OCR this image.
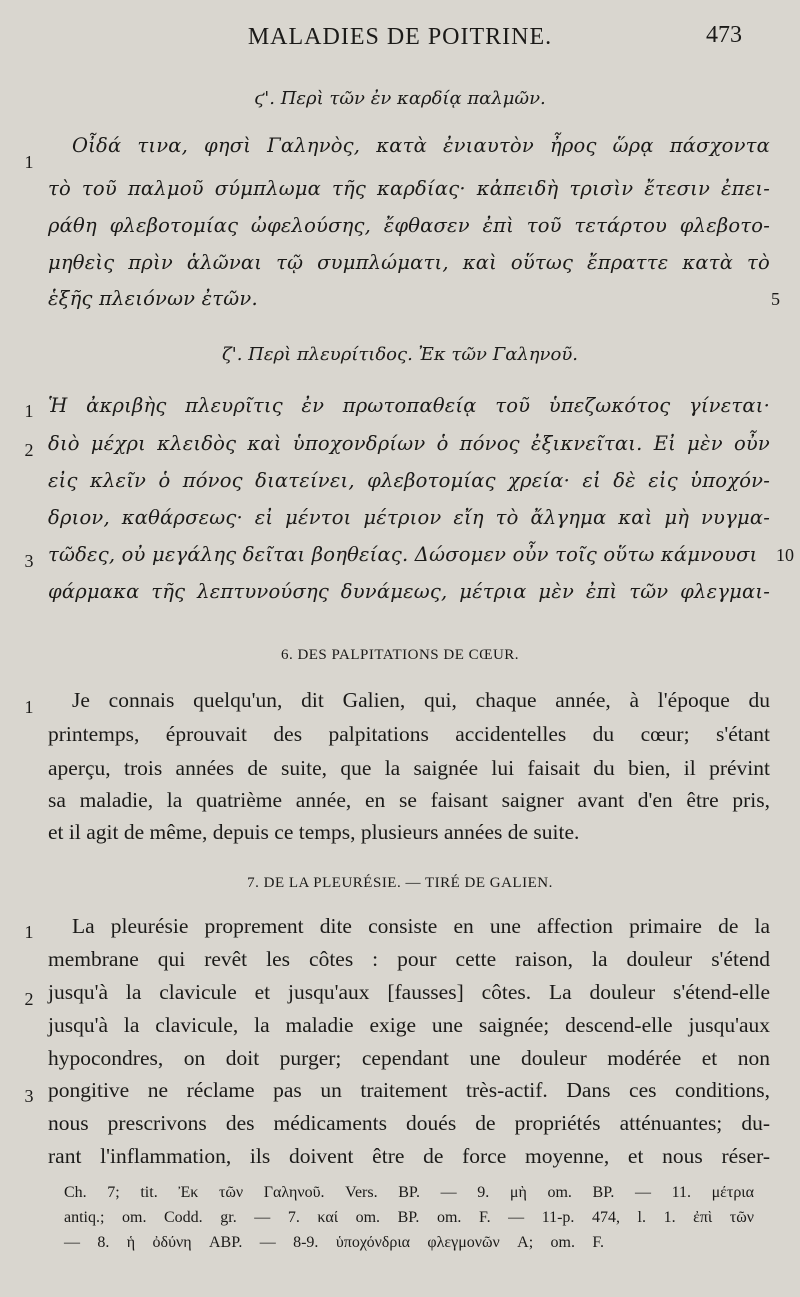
MALADIES DE POITRINE.	473
ϛ'. Περὶ τῶν ἐν καρδίᾳ παλμῶν.
1
Οἶδά τινα, φησὶ Γαληνὸς, κατὰ ἐνιαυτὸν ἦρος ὥρᾳ πάσχοντα
τὸ τοῦ παλμοῦ σύμπλωμα τῆς καρδίας· κἀπειδὴ τρισὶν ἔτεσιν ἐπει-
ράθη φλεβοτομίας ὠφελούσης, ἔφθασεν ἐπὶ τοῦ τετάρτου φλεβοτο-
μηθεὶς πρὶν ἁλῶναι τῷ συμπλώματι, καὶ οὕτως ἔπραττε κατὰ τὸ
ἑξῆς πλειόνων ἐτῶν.	5
ζ'. Περὶ πλευρίτιδος. Ἐκ τῶν Γαληνοῦ.
1 Ἡ ἀκριβὴς πλευρῖτις ἐν πρωτοπαθείᾳ τοῦ ὑπεζωκότος γίνεται·
2 διὸ μέχρι κλειδὸς καὶ ὑποχονδρίων ὁ πόνος ἐξικνεῖται. Εἰ μὲν οὖν
εἰς κλεῖν ὁ πόνος διατείνει, φλεβοτομίας χρεία· εἰ δὲ εἰς ὑποχόν-
δριον, καθάρσεως· εἰ μέντοι μέτριον εἴη τὸ ἄλγημα καὶ μὴ νυγμα-
3 τῶδες, οὐ μεγάλης δεῖται βοηθείας. Δώσομεν οὖν τοῖς οὕτω κάμνουσι 10
φάρμακα τῆς λεπτυνούσης δυνάμεως, μέτρια μὲν ἐπὶ τῶν φλεγμαι-
6. DES PALPITATIONS DE CŒUR.
1	Je connais quelqu'un, dit Galien, qui, chaque année, à l'époque du
printemps, éprouvait des palpitations accidentelles du cœur; s'étant
aperçu, trois années de suite, que la saignée lui faisait du bien, il prévint
sa maladie, la quatrième année, en se faisant saigner avant d'en être pris,
et il agit de même, depuis ce temps, plusieurs années de suite.
7. DE LA PLEURÉSIE. — TIRÉ DE GALIEN.
1	La pleurésie proprement dite consiste en une affection primaire de la
membrane qui revêt les côtes : pour cette raison, la douleur s'étend
2 jusqu'à la clavicule et jusqu'aux [fausses] côtes. La douleur s'étend-elle
jusqu'à la clavicule, la maladie exige une saignée; descend-elle jusqu'aux
hypocondres, on doit purger; cependant une douleur modérée et non
3 pongitive ne réclame pas un traitement très-actif. Dans ces conditions,
nous prescrivons des médicaments doués de propriétés atténuantes; du-
rant l'inflammation, ils doivent être de force moyenne, et nous réser-
Ch. 7; tit. Ἐκ τῶν Γαληνοῦ. Vers. BP. — 9. μὴ om. BP. — 11. μέτρια
antiq.; om. Codd. gr. — 7. καί om. BP. om. F. — 11-p. 474, l. 1. ἐπὶ τῶν
— 8. ἡ ὀδύνη ABP. — 8-9. ὑποχόνδρια φλεγμονῶν A; om. F.
